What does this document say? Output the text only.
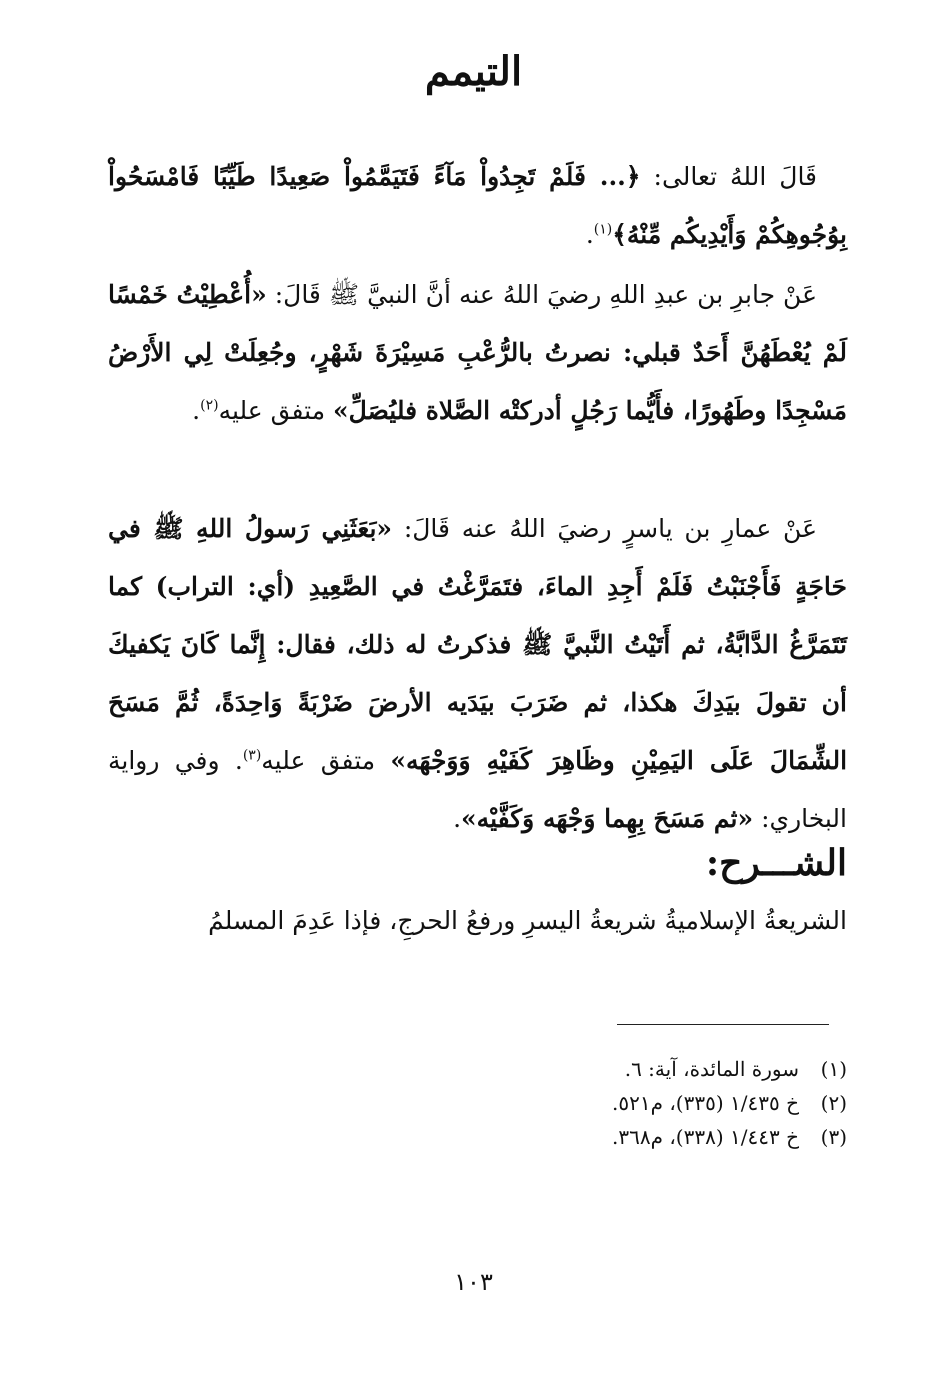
التيمم
قَالَ اللهُ تعالى: ﴿... فَلَمْ تَجِدُواْ مَآءً فَتَيَمَّمُواْ صَعِيدًا طَيِّبًا فَامْسَحُواْ بِوُجُوهِكُمْ وَأَيْدِيكُم مِّنْهُ﴾$^{(١)}$.
عَنْ جابرِ بن عبدِ اللهِ رضيَ اللهُ عنه أنَّ النبيَّ ﷺ قَالَ: «أُعْطِيْتُ خَمْسًا لَمْ يُعْطَهُنَّ أَحَدٌ قبلي: نصرتُ بالرُّعْبِ مَسِيْرَةَ شَهْرٍ، وجُعِلَتْ لِي الأَرْضُ مَسْجِدًا وطَهُورًا، فأَيُّما رَجُلٍ أدركتْه الصَّلاة فليُصَلِّ» متفق عليه$^{(٢)}$.
عَنْ عمارِ بن ياسرٍ رضيَ اللهُ عنه قَالَ: «بَعَثَنِي رَسولُ اللهِ ﷺ في حَاجَةٍ فَأَجْنَبْتُ فَلَمْ أَجِدِ الماءَ، فتَمَرَّغْتُ في الصَّعِيدِ (أي: التراب) كما تَتَمَرَّغُ الدَّابَّةُ، ثم أَتَيْتُ النَّبيَّ ﷺ فذكرتُ له ذلك، فقال: إِنَّما كَانَ يَكفيكَ أن تقولَ بيَدِكَ هكذا، ثم ضَرَبَ بيَدَيه الأرضَ ضَرْبَةً وَاحِدَةً، ثُمَّ مَسَحَ الشِّمَالَ عَلَى اليَمِيْنِ وظَاهِرَ كَفَيْهِ وَوَجْهَه» متفق عليه$^{(٣)}$. وفي رواية البخاري: «ثم مَسَحَ بِهِما وَجْهَه وَكَفَّيْه».
الشـــرح:
الشريعةُ الإسلاميةُ شريعةُ اليسرِ ورفعُ الحرجِ، فإذا عَدِمَ المسلمُ
(١)سورة المائدة، آية: ٦.
(٢)خ ١/٤٣٥ (٣٣٥)، م٥٢١.
(٣)خ ١/٤٤٣ (٣٣٨)، م٣٦٨.
١٠٣
